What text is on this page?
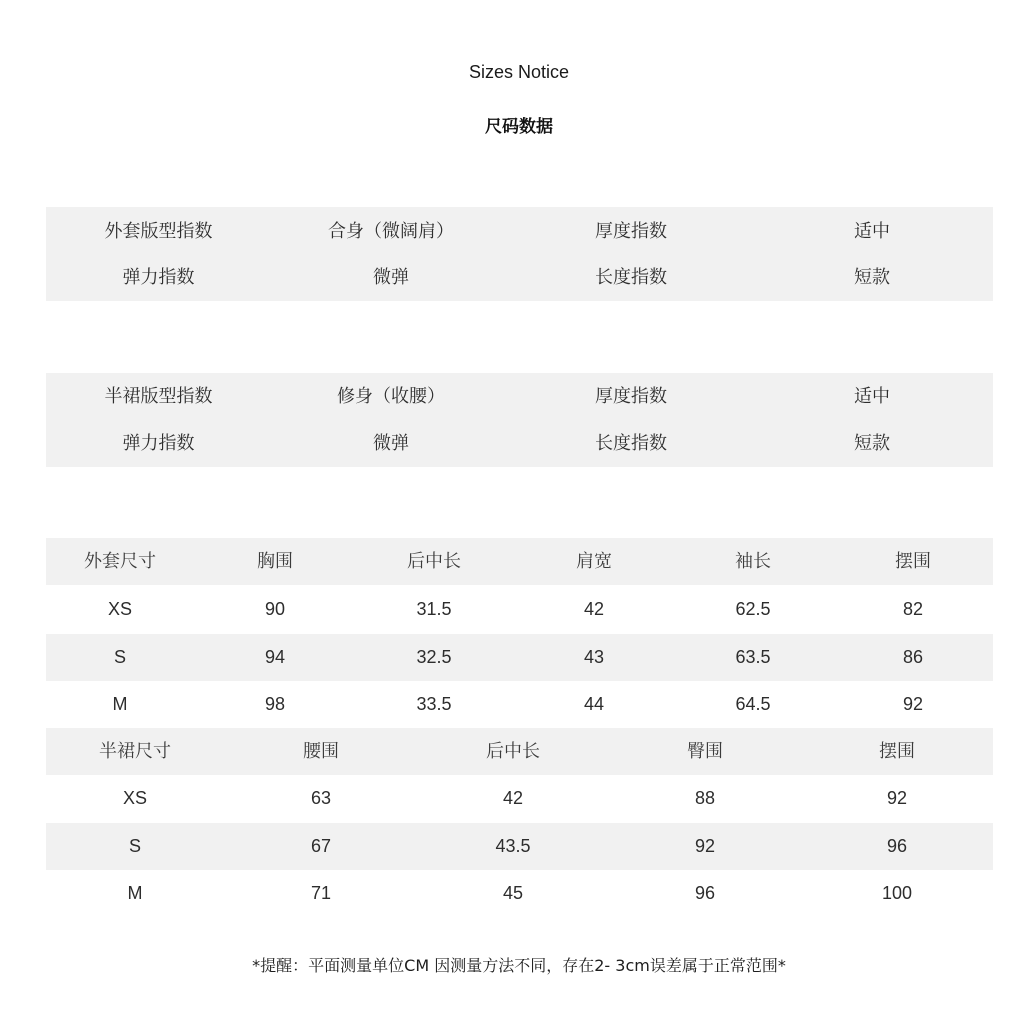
Sizes Notice
尺码数据
外套版型指数	合身（微阔肩）	厚度指数	适中
弹力指数	微弹	长度指数	短款
半裙版型指数	修身（收腰）	厚度指数	适中
弹力指数	微弹	长度指数	短款
外套尺寸	胸围	后中长	肩宽	袖长	摆围
XS	90	31.5	42	62.5	82
S	94	32.5	43	63.5	86
M	98	33.5	44	64.5	92
半裙尺寸	腰围	后中长	臀围	摆围
XS	63	42	88	92
S	67	43.5	92	96
M	71	45	96	100
*提醒：平面测量单位CM 因测量方法不同，存在2- 3cm误差属于正常范围*
